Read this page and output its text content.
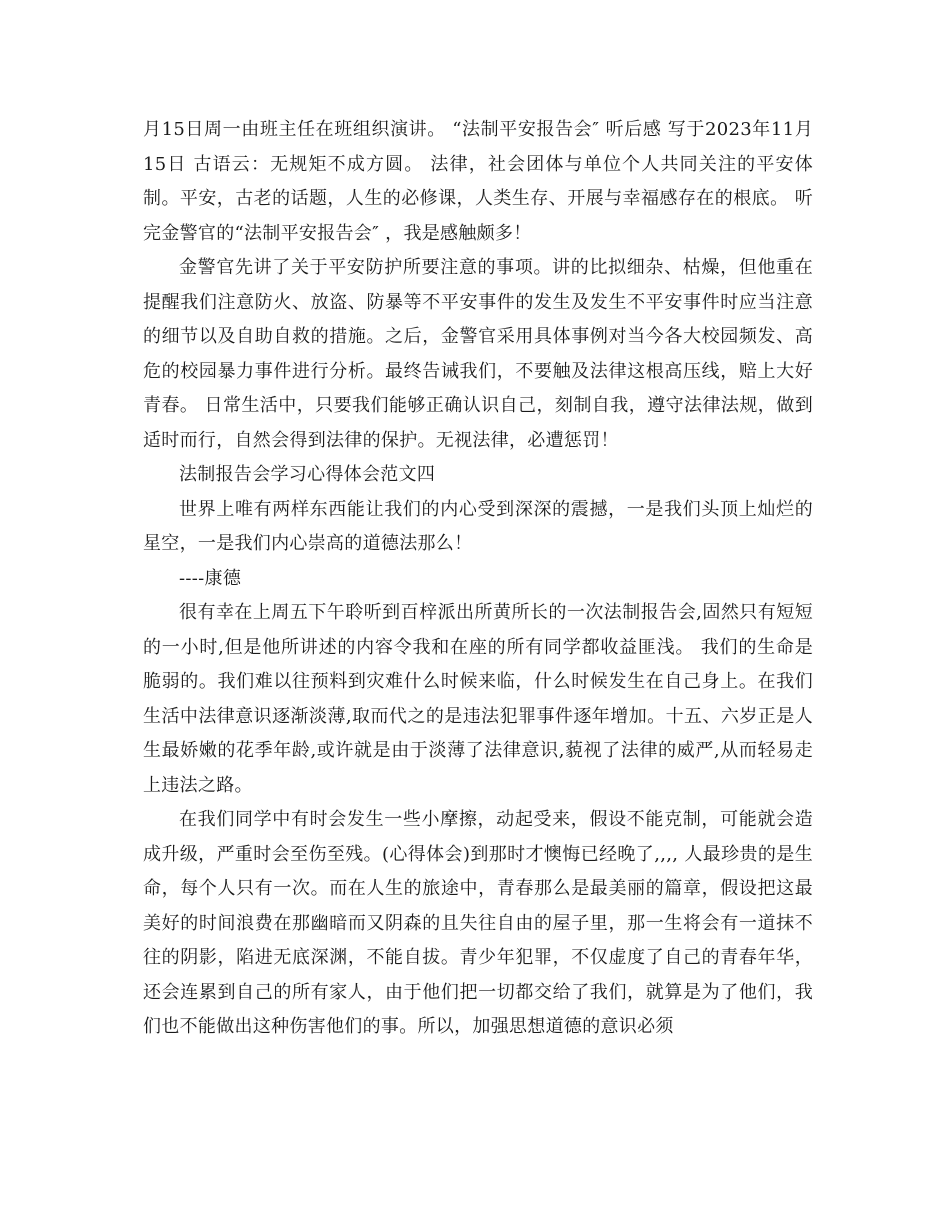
月15日周一由班主任在班组织演讲。 “法制平安报告会″ 听后感 写于2023年11月15日 古语云：无规矩不成方圆。 法律，社会团体与单位个人共同关注的平安体制。平安，古老的话题，人生的必修课，人类生存、开展与幸福感存在的根底。 听完金警官的“法制平安报告会″ ，我是感触颇多！

金警官先讲了关于平安防护所要注意的事项。讲的比拟细杂、枯燥，但他重在提醒我们注意防火、放盗、防暴等不平安事件的发生及发生不平安事件时应当注意的细节以及自助自救的措施。之后，金警官采用具体事例对当今各大校园频发、高危的校园暴力事件进行分析。最终告诫我们，不要触及法律这根高压线，赔上大好青春。 日常生活中，只要我们能够正确认识自己，刻制自我，遵守法律法规，做到适时而行，自然会得到法律的保护。无视法律，必遭惩罚！

法制报告会学习心得体会范文四

世界上唯有两样东西能让我们的内心受到深深的震撼，一是我们头顶上灿烂的星空，一是我们内心崇高的道德法那么！

----康德

很有幸在上周五下午聆听到百梓派出所黄所长的一次法制报告会,固然只有短短的一小时,但是他所讲述的内容令我和在座的所有同学都收益匪浅。 我们的生命是脆弱的。我们难以往预料到灾难什么时候来临，什么时候发生在自己身上。在我们生活中法律意识逐渐淡薄,取而代之的是违法犯罪事件逐年增加。十五、六岁正是人生最娇嫩的花季年龄,或许就是由于淡薄了法律意识,藐视了法律的威严,从而轻易走上违法之路。

在我们同学中有时会发生一些小摩擦，动起受来，假设不能克制，可能就会造成升级，严重时会至伤至残。(心得体会)到那时才懊悔已经晚了,,,, 人最珍贵的是生命，每个人只有一次。而在人生的旅途中，青春那么是最美丽的篇章，假设把这最美好的时间浪费在那幽暗而又阴森的且失往自由的屋子里，那一生将会有一道抹不往的阴影，陷进无底深渊，不能自拔。青少年犯罪，不仅虚度了自己的青春年华，还会连累到自己的所有家人，由于他们把一切都交给了我们，就算是为了他们，我们也不能做出这种伤害他们的事。所以，加强思想道德的意识必须
